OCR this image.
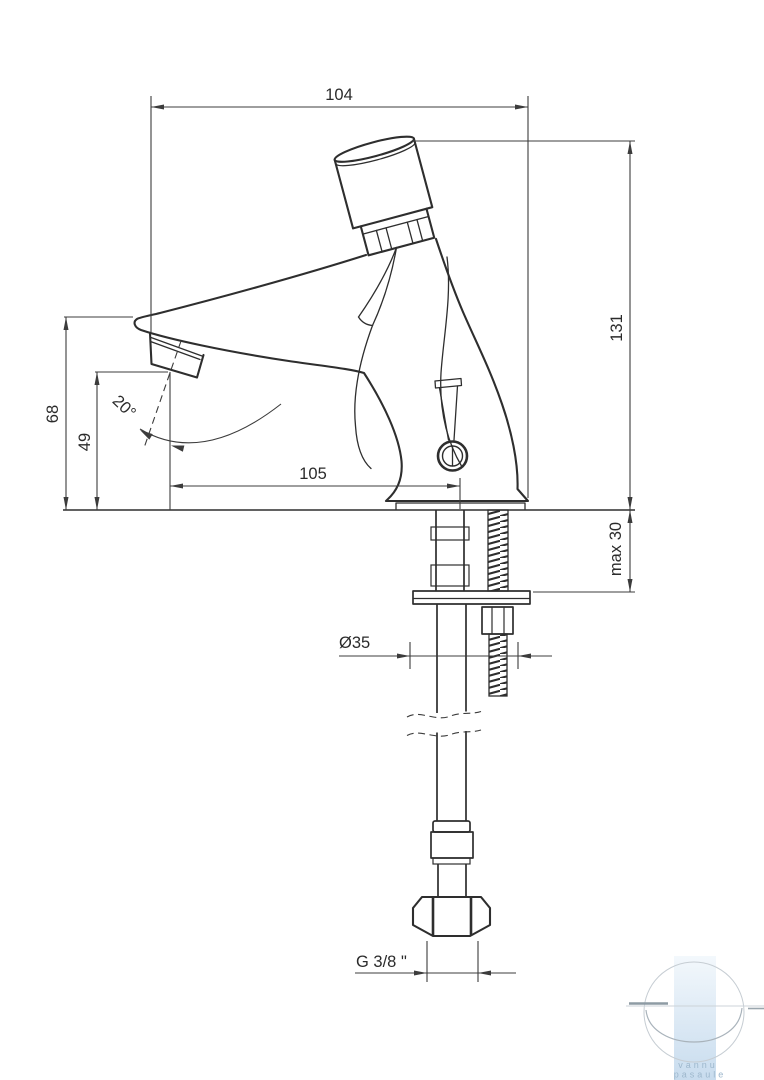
vannu
pasaule
104
131
max 30
68
49
20°
105
Ø35
G 3/8 "
